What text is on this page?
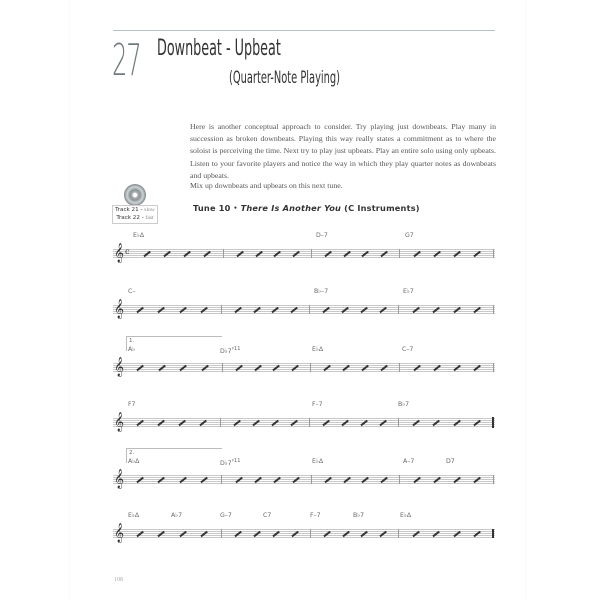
27 Downbeat - Upbeat
(Quarter-Note Playing)
Here is another conceptual approach to consider. Try playing just downbeats. Play many in succession as broken downbeats. Playing this way really states a commitment as to where the soloist is perceiving the time. Next try to play just upbeats. Play an entire solo using only upbeats. Listen to your favorite players and notice the way in which they play quarter notes as downbeats and upbeats.
Mix up downbeats and upbeats on this next tune.
Track 21 - slow
Track 22 - fast
Tune 10 • There Is Another You (C Instruments)
𝄞 c
E♭Δ	D–7	G7
𝄞
C–	B♭–7	E♭7
𝄞
A♭	$D♭7^{♯11}$	E♭Δ	C–7
1.
𝄞
F7	F–7	B♭7
𝄞
A♭Δ	$D♭7^{♯11}$	E♭Δ	A–7	D7
2.
𝄞
E♭Δ	A♭7	G–7	C7	F–7	B♭7	E♭Δ
108
